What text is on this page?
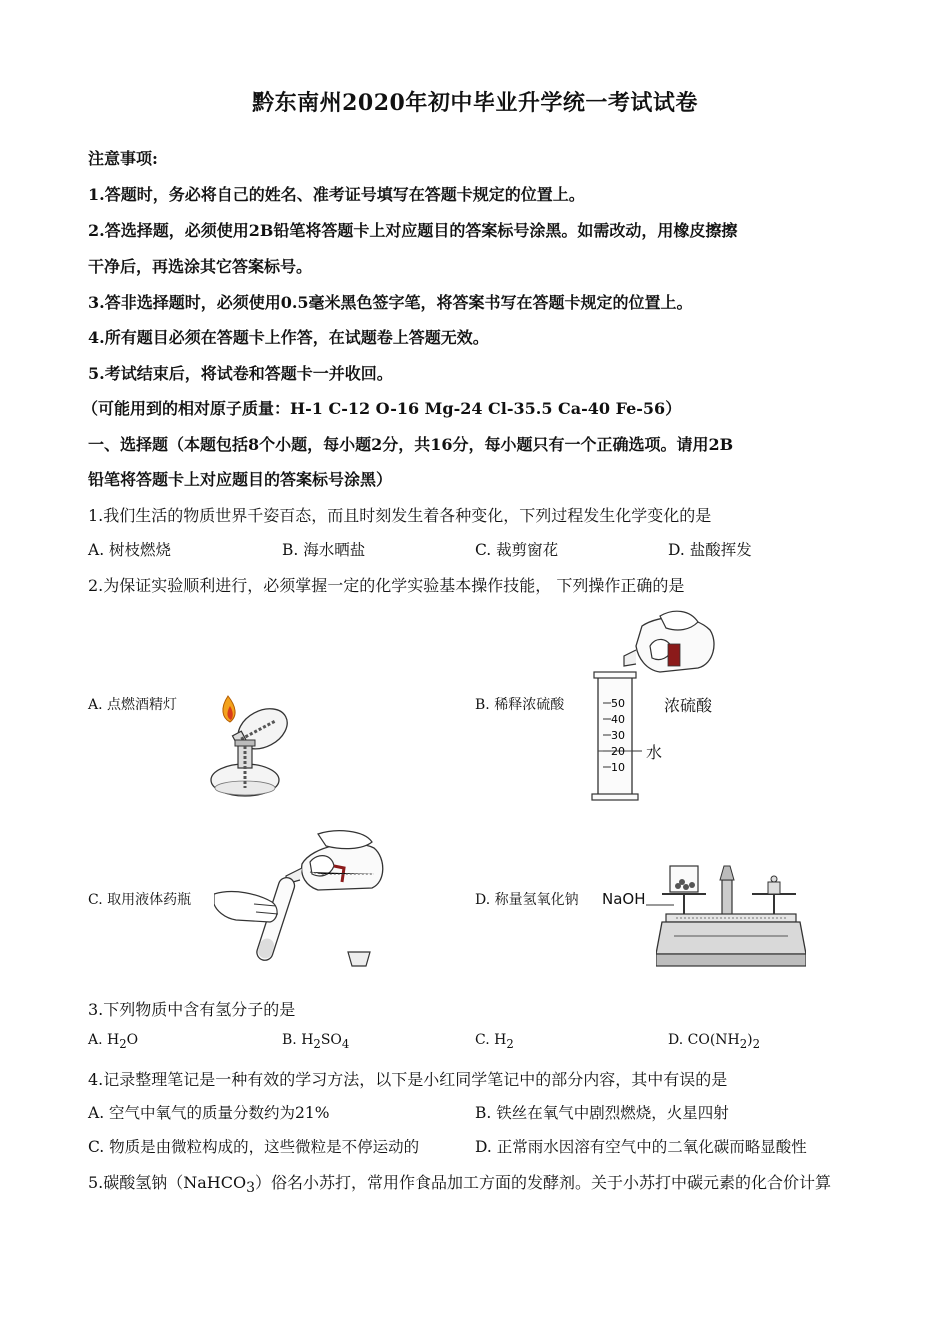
黔东南州2020年初中毕业升学统一考试试卷
注意事项:
1.答题时，务必将自己的姓名、准考证号填写在答题卡规定的位置上。
2.答选择题，必须使用2B铅笔将答题卡上对应题目的答案标号涂黑。如需改动，用橡皮擦擦
干净后，再选涂其它答案标号。
3.答非选择题时，必须使用0.5毫米黑色签字笔，将答案书写在答题卡规定的位置上。
4.所有题目必须在答题卡上作答，在试题卷上答题无效。
5.考试结束后，将试卷和答题卡一并收回。
（可能用到的相对原子质量：H-1 C-12 O-16 Mg-24 Cl-35.5 Ca-40 Fe-56）
一、选择题（本题包括8个小题，每小题2分，共16分，每小题只有一个正确选项。请用2B
铅笔将答题卡上对应题目的答案标号涂黑）
1.我们生活的物质世界千姿百态，而且时刻发生着各种变化，下列过程发生化学变化的是
A. 树枝燃烧	B. 海水晒盐	C. 裁剪窗花	D. 盐酸挥发
2.为保证实验顺利进行，必须掌握一定的化学实验基本操作技能， 下列操作正确的是
A. 点燃酒精灯	B. 稀释浓硫酸
C. 取用液体药瓶	D. 称量氢氧化钠
50
40
30
20
10
浓硫酸
水
NaOH
3.下列物质中含有氢分子的是
A. $H_2O$	B. $H_2SO_4$	C. $H_2$	D. $CO(NH_2)_2$
4.记录整理笔记是一种有效的学习方法，以下是小红同学笔记中的部分内容，其中有误的是
A. 空气中氧气的质量分数约为21%	B. 铁丝在氧气中剧烈燃烧，火星四射
C. 物质是由微粒构成的，这些微粒是不停运动的	D. 正常雨水因溶有空气中的二氧化碳而略显酸性
5.碳酸氢钠（NaHCO$_3$）俗名小苏打，常用作食品加工方面的发酵剂。关于小苏打中碳元素的化合价计算
